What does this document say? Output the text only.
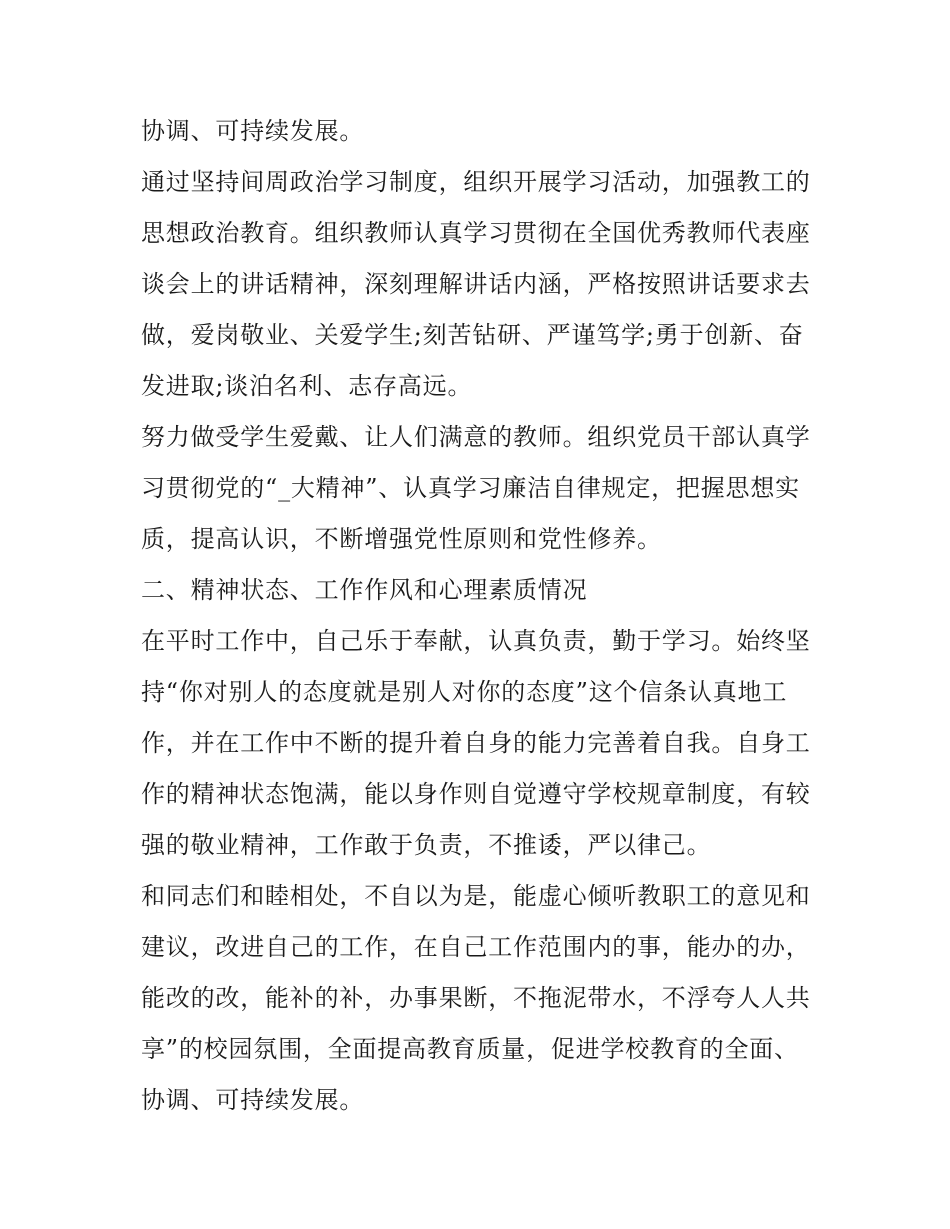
协调、可持续发展。

通过坚持间周政治学习制度，组织开展学习活动，加强教工的
思想政治教育。组织教师认真学习贯彻在全国优秀教师代表座
谈会上的讲话精神，深刻理解讲话内涵，严格按照讲话要求去
做，爱岗敬业、关爱学生;刻苦钻研、严谨笃学;勇于创新、奋
发进取;谈泊名利、志存高远。

努力做受学生爱戴、让人们满意的教师。组织党员干部认真学
习贯彻党的“_大精神”、认真学习廉洁自律规定，把握思想实
质，提高认识，不断增强党性原则和党性修养。

二、精神状态、工作作风和心理素质情况

在平时工作中，自己乐于奉献，认真负责，勤于学习。始终坚
持“你对别人的态度就是别人对你的态度”这个信条认真地工
作，并在工作中不断的提升着自身的能力完善着自我。自身工
作的精神状态饱满，能以身作则自觉遵守学校规章制度，有较
强的敬业精神，工作敢于负责，不推诿，严以律己。

和同志们和睦相处，不自以为是，能虚心倾听教职工的意见和
建议，改进自己的工作，在自己工作范围内的事，能办的办，
能改的改，能补的补，办事果断，不拖泥带水，不浮夸人人共
享”的校园氛围，全面提高教育质量，促进学校教育的全面、
协调、可持续发展。
